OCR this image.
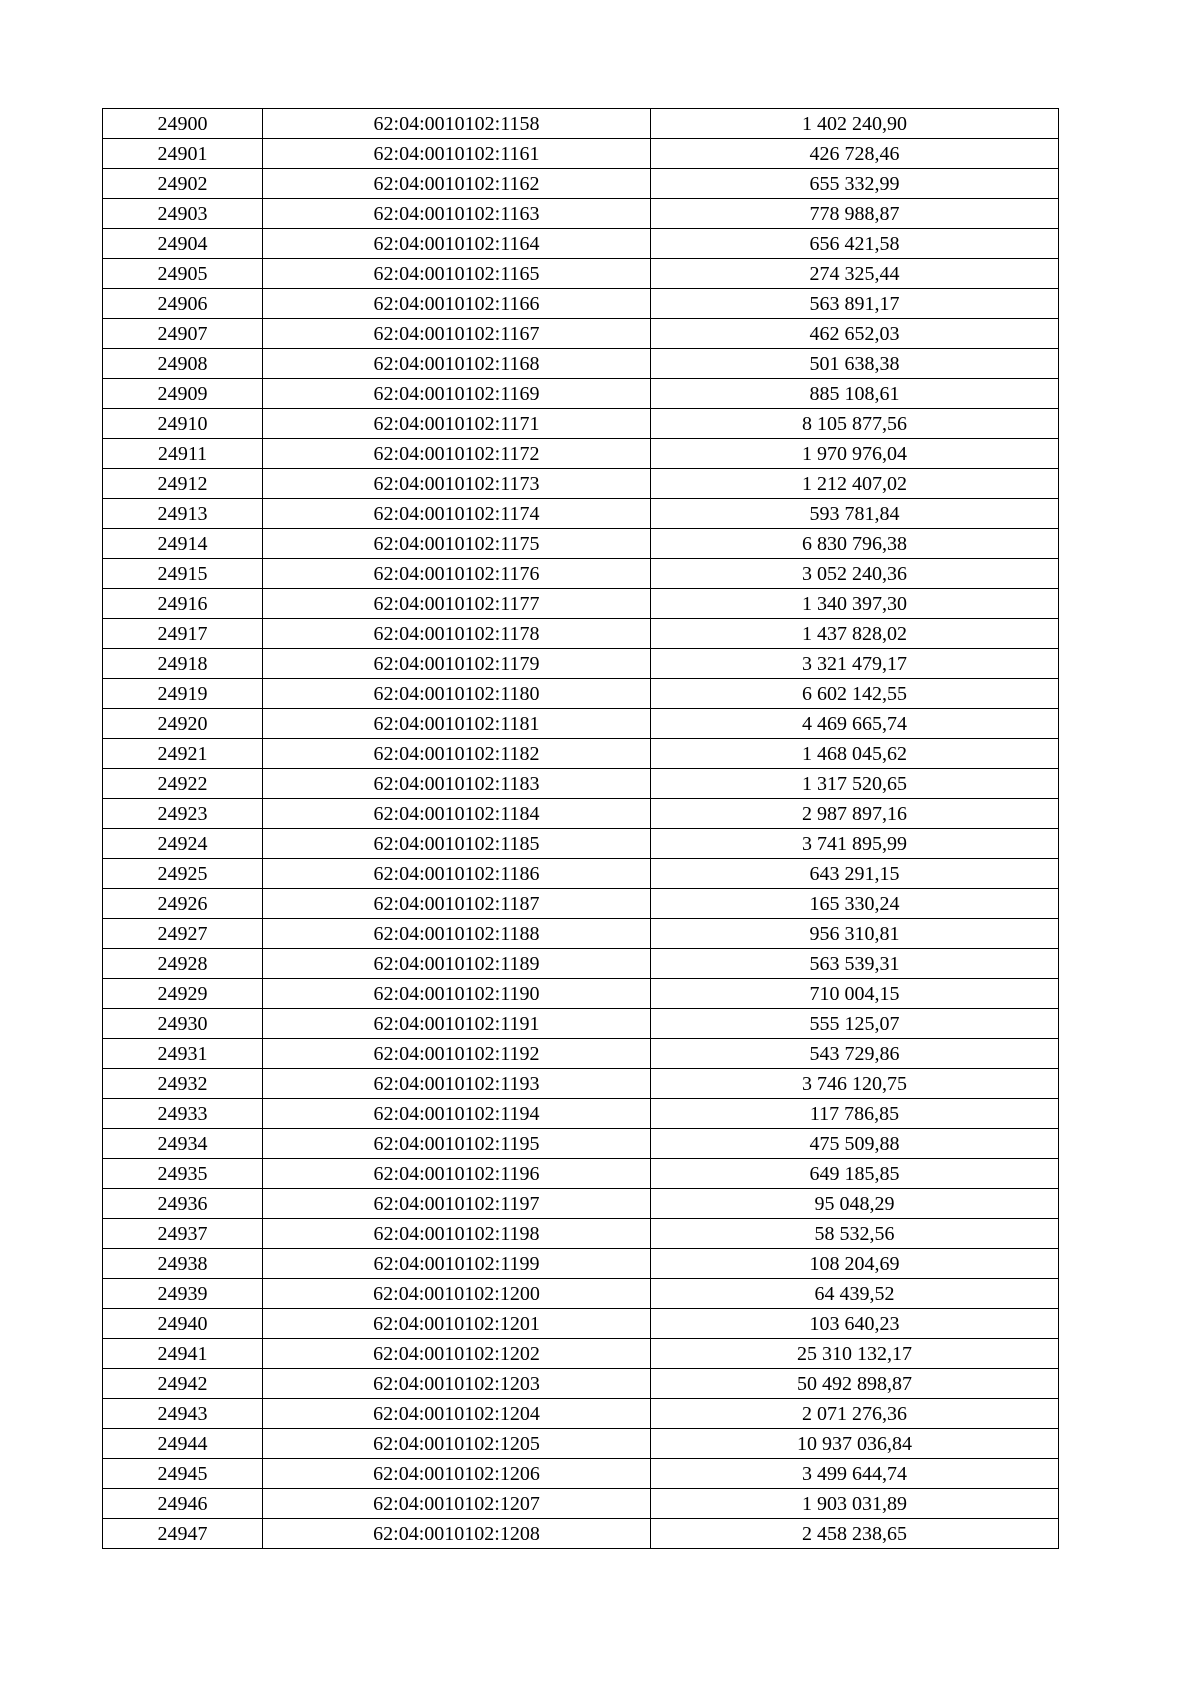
24900	62:04:0010102:1158	1 402 240,90
24901	62:04:0010102:1161	426 728,46
24902	62:04:0010102:1162	655 332,99
24903	62:04:0010102:1163	778 988,87
24904	62:04:0010102:1164	656 421,58
24905	62:04:0010102:1165	274 325,44
24906	62:04:0010102:1166	563 891,17
24907	62:04:0010102:1167	462 652,03
24908	62:04:0010102:1168	501 638,38
24909	62:04:0010102:1169	885 108,61
24910	62:04:0010102:1171	8 105 877,56
24911	62:04:0010102:1172	1 970 976,04
24912	62:04:0010102:1173	1 212 407,02
24913	62:04:0010102:1174	593 781,84
24914	62:04:0010102:1175	6 830 796,38
24915	62:04:0010102:1176	3 052 240,36
24916	62:04:0010102:1177	1 340 397,30
24917	62:04:0010102:1178	1 437 828,02
24918	62:04:0010102:1179	3 321 479,17
24919	62:04:0010102:1180	6 602 142,55
24920	62:04:0010102:1181	4 469 665,74
24921	62:04:0010102:1182	1 468 045,62
24922	62:04:0010102:1183	1 317 520,65
24923	62:04:0010102:1184	2 987 897,16
24924	62:04:0010102:1185	3 741 895,99
24925	62:04:0010102:1186	643 291,15
24926	62:04:0010102:1187	165 330,24
24927	62:04:0010102:1188	956 310,81
24928	62:04:0010102:1189	563 539,31
24929	62:04:0010102:1190	710 004,15
24930	62:04:0010102:1191	555 125,07
24931	62:04:0010102:1192	543 729,86
24932	62:04:0010102:1193	3 746 120,75
24933	62:04:0010102:1194	117 786,85
24934	62:04:0010102:1195	475 509,88
24935	62:04:0010102:1196	649 185,85
24936	62:04:0010102:1197	95 048,29
24937	62:04:0010102:1198	58 532,56
24938	62:04:0010102:1199	108 204,69
24939	62:04:0010102:1200	64 439,52
24940	62:04:0010102:1201	103 640,23
24941	62:04:0010102:1202	25 310 132,17
24942	62:04:0010102:1203	50 492 898,87
24943	62:04:0010102:1204	2 071 276,36
24944	62:04:0010102:1205	10 937 036,84
24945	62:04:0010102:1206	3 499 644,74
24946	62:04:0010102:1207	1 903 031,89
24947	62:04:0010102:1208	2 458 238,65
